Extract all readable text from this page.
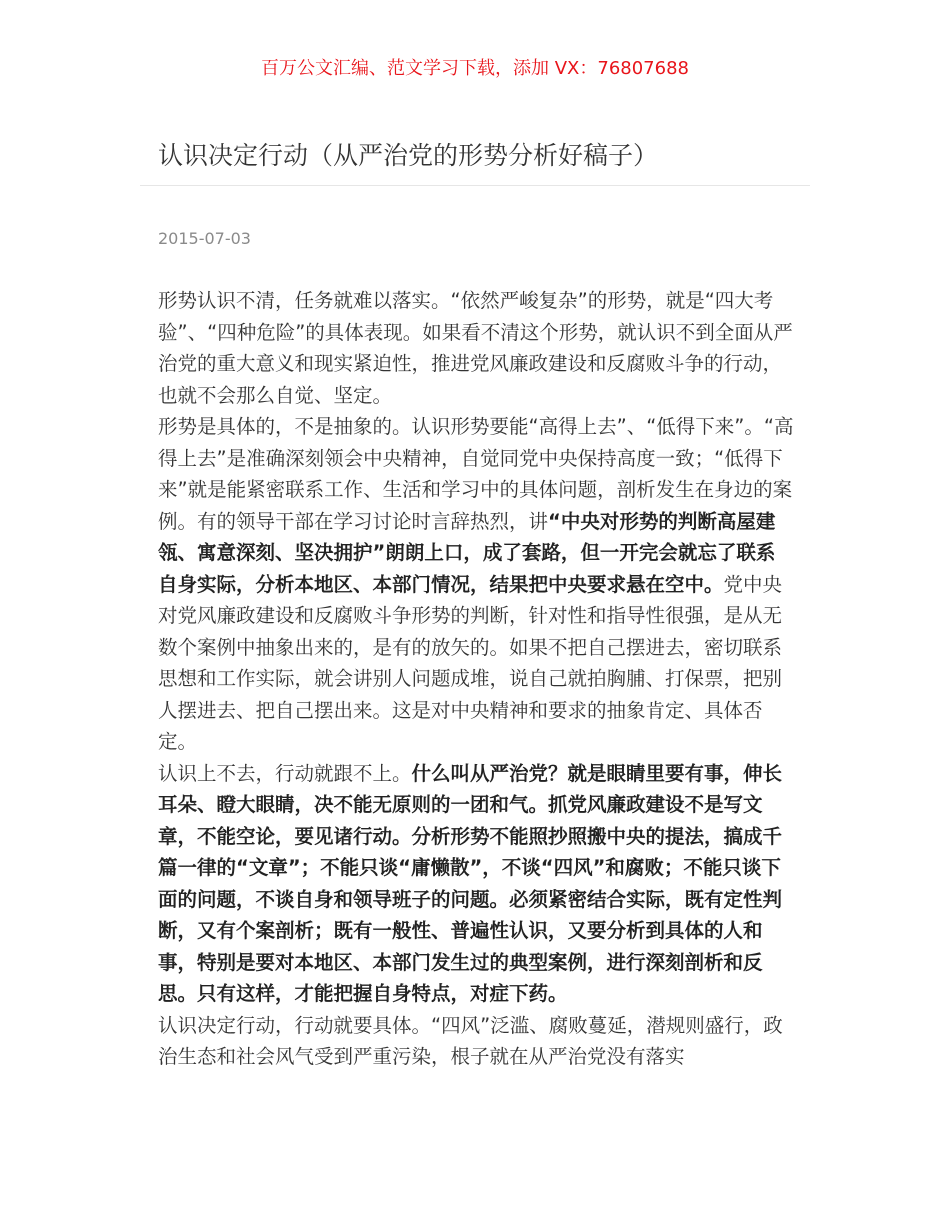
百万公文汇编、范文学习下载，添加 VX：76807688
认识决定行动（从严治党的形势分析好稿子）
2015-07-03

形势认识不清，任务就难以落实。“依然严峻复杂”的形势，就是“四大考验”、“四种危险”的具体表现。如果看不清这个形势，就认识不到全面从严治党的重大意义和现实紧迫性，推进党风廉政建设和反腐败斗争的行动，也就不会那么自觉、坚定。

形势是具体的，不是抽象的。认识形势要能“高得上去”、“低得下来”。“高得上去”是准确深刻领会中央精神，自觉同党中央保持高度一致；“低得下来”就是能紧密联系工作、生活和学习中的具体问题，剖析发生在身边的案例。有的领导干部在学习讨论时言辞热烈，讲“中央对形势的判断高屋建瓴、寓意深刻、坚决拥护”朗朗上口，成了套路，但一开完会就忘了联系自身实际，分析本地区、本部门情况，结果把中央要求悬在空中。党中央对党风廉政建设和反腐败斗争形势的判断，针对性和指导性很强，是从无数个案例中抽象出来的，是有的放矢的。如果不把自己摆进去，密切联系思想和工作实际，就会讲别人问题成堆，说自己就拍胸脯、打保票，把别人摆进去、把自己摆出来。这是对中央精神和要求的抽象肯定、具体否定。

认识上不去，行动就跟不上。什么叫从严治党？就是眼睛里要有事，伸长耳朵、瞪大眼睛，决不能无原则的一团和气。抓党风廉政建设不是写文章，不能空论，要见诸行动。分析形势不能照抄照搬中央的提法，搞成千篇一律的“文章”；不能只谈“庸懒散”，不谈“四风”和腐败；不能只谈下面的问题，不谈自身和领导班子的问题。必须紧密结合实际，既有定性判断，又有个案剖析；既有一般性、普遍性认识，又要分析到具体的人和事，特别是要对本地区、本部门发生过的典型案例，进行深刻剖析和反思。只有这样，才能把握自身特点，对症下药。

认识决定行动，行动就要具体。“四风”泛滥、腐败蔓延，潜规则盛行，政治生态和社会风气受到严重污染，根子就在从严治党没有落实
